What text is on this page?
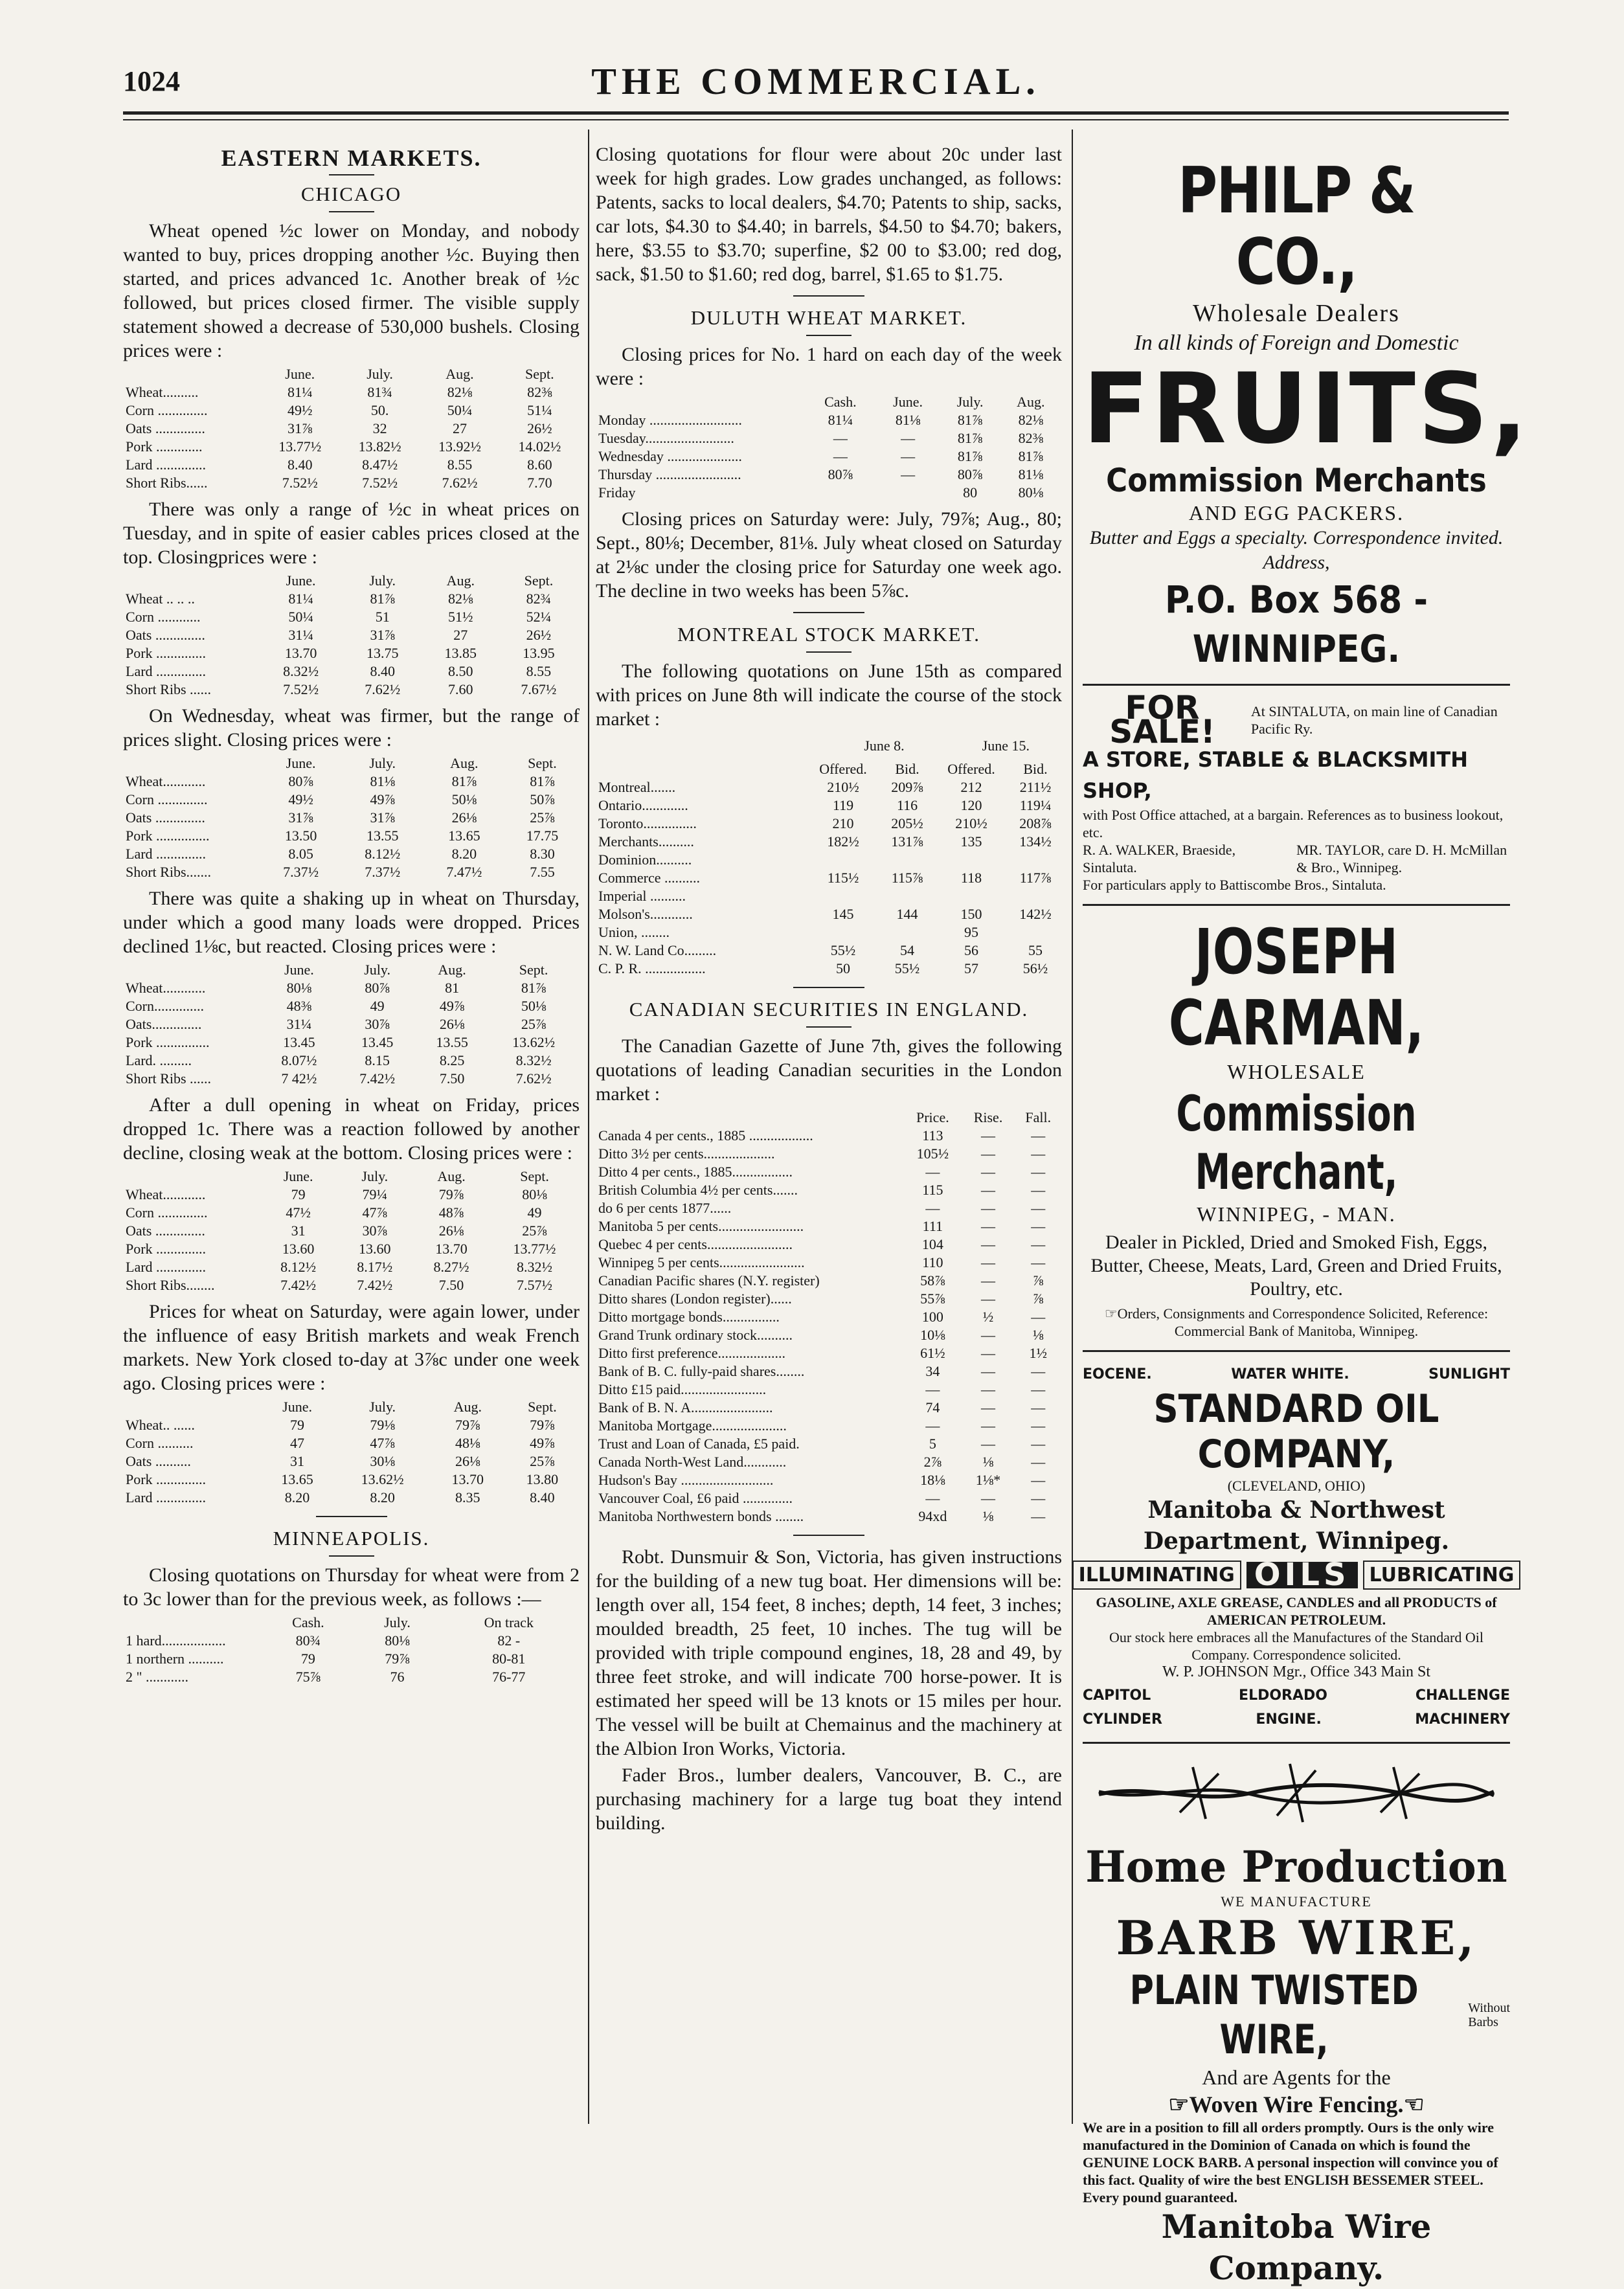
1024	THE COMMERCIAL.
EASTERN MARKETS.
CHICAGO

Wheat opened ½c lower on Monday, and nobody wanted to buy, prices dropping another ½c. Buying then started, and prices advanced 1c. Another break of ½c followed, but prices closed firmer. The visible supply statement showed a decrease of 530,000 bushels. Closing prices were :

	June.	July.	Aug.	Sept.
Wheat..........	81¼	81¾	82⅛	82⅜
Corn ..............	49½	50.	50¼	51¼
Oats ..............	31⅞	32	27	26½
Pork .............	13.77½	13.82½	13.92½	14.02½
Lard ..............	8.40	8.47½	8.55	8.60
Short Ribs......	7.52½	7.52½	7.62½	7.70

There was only a range of ½c in wheat prices on Tuesday, and in spite of easier cables prices closed at the top. Closingprices were :

	June.	July.	Aug.	Sept.
Wheat .. .. ..	81¼	81⅞	82⅛	82¾
Corn ............	50¼	51	51½	52¼
Oats ..............	31¼	31⅞	27	26½
Pork ..............	13.70	13.75	13.85	13.95
Lard ..............	8.32½	8.40	8.50	8.55
Short Ribs ......	7.52½	7.62½	7.60	7.67½

On Wednesday, wheat was firmer, but the range of prices slight. Closing prices were :

	June.	July.	Aug.	Sept.
Wheat............	80⅞	81⅛	81⅞	81⅞
Corn ..............	49½	49⅞	50⅛	50⅞
Oats ..............	31⅞	31⅞	26⅛	25⅞
Pork ...............	13.50	13.55	13.65	17.75
Lard ..............	8.05	8.12½	8.20	8.30
Short Ribs.......	7.37½	7.37½	7.47½	7.55

There was quite a shaking up in wheat on Thursday, under which a good many loads were dropped. Prices declined 1⅛c, but reacted. Closing prices were :

	June.	July.	Aug.	Sept.
Wheat............	80⅛	80⅞	81	81⅞
Corn..............	48⅜	49	49⅞	50⅛
Oats..............	31¼	30⅞	26⅛	25⅞
Pork ...............	13.45	13.45	13.55	13.62½
Lard. .........	8.07½	8.15	8.25	8.32½
Short Ribs ......	7 42½	7.42½	7.50	7.62½

After a dull opening in wheat on Friday, prices dropped 1c. There was a reaction followed by another decline, closing weak at the bottom. Closing prices were :

	June.	July.	Aug.	Sept.
Wheat............	79	79¼	79⅞	80⅛
Corn ..............	47½	47⅞	48⅞	49
Oats ..............	31	30⅞	26⅛	25⅞
Pork ..............	13.60	13.60	13.70	13.77½
Lard ..............	8.12½	8.17½	8.27½	8.32½
Short Ribs........	7.42½	7.42½	7.50	7.57½

Prices for wheat on Saturday, were again lower, under the influence of easy British markets and weak French markets. New York closed to-day at 3⅞c under one week ago. Closing prices were :

	June.	July.	Aug.	Sept.
Wheat.. ......	79	79⅛	79⅞	79⅞
Corn ..........	47	47⅞	48⅛	49⅞
Oats ..........	31	30⅛	26⅛	25⅞
Pork ..............	13.65	13.62½	13.70	13.80
Lard ..............	8.20	8.20	8.35	8.40
MINNEAPOLIS.

Closing quotations on Thursday for wheat were from 2 to 3c lower than for the previous week, as follows :—

	Cash.	July.	On track
1 hard..................	80¾	80⅛	82 -
1 northern ..........	79	79⅞	80-81
2 " ............	75⅞	76	76-77

Closing quotations for flour were about 20c under last week for high grades. Low grades unchanged, as follows: Patents, sacks to local dealers, $4.70; Patents to ship, sacks, car lots, $4.30 to $4.40; in barrels, $4.50 to $4.70; bakers, here, $3.55 to $3.70; superfine, $2 00 to $3.00; red dog, sack, $1.50 to $1.60; red dog, barrel, $1.65 to $1.75.

DULUTH WHEAT MARKET.

Closing prices for No. 1 hard on each day of the week were :

	Cash.	June.	July.	Aug.
Monday ..........................	81¼	81⅛	81⅞	82⅛
Tuesday.........................	—	—	81⅞	82⅜
Wednesday .....................	—	—	81⅞	81⅞
Thursday ........................	80⅞	—	80⅞	81⅛
Friday			80	80⅛

Closing prices on Saturday were: July, 79⅞; Aug., 80; Sept., 80⅛; December, 81⅛. July wheat closed on Saturday at 2⅛c under the closing price for Saturday one week ago. The decline in two weeks has been 5⅞c.

MONTREAL STOCK MARKET.

The following quotations on June 15th as compared with prices on June 8th will indicate the course of the stock market :

June 8.	June 15.
	Offered.	Bid.	Offered.	Bid.
Montreal.......	210½	209⅞	212	211½
Ontario.............	119	116	120	119¼
Toronto...............	210	205½	210½	208⅞
Merchants..........	182½	131⅞	135	134½
Dominion..........				
Commerce ..........	115½	115⅞	118	117⅞
Imperial ..........				
Molson's............	145	144	150	142½
Union, ........			95	
N. W. Land Co.........	55½	54	56	55
C. P. R. .................	50	55½	57	56½
CANADIAN SECURITIES IN ENGLAND.

The Canadian Gazette of June 7th, gives the following quotations of leading Canadian securities in the London market :

	Price.	Rise.	Fall.
Canada 4 per cents., 1885 ..................	113	—	—
Ditto 3½ per cents....................	105½	—	—
Ditto 4 per cents., 1885.................	—	—	—
British Columbia 4½ per cents.......	115	—	—
do 6 per cents 1877......	—	—	—
Manitoba 5 per cents........................	111	—	—
Quebec 4 per cents........................	104	—	—
Winnipeg 5 per cents........................	110	—	—
Canadian Pacific shares (N.Y. register)	58⅞	—	⅞
Ditto shares (London register)......	55⅞	—	⅞
Ditto mortgage bonds................	100	½	—
Grand Trunk ordinary stock..........	10⅛	—	⅛
Ditto first preference...................	61½	—	1½
Bank of B. C. fully-paid shares........	34	—	—
Ditto £15 paid........................	—	—	—
Bank of B. N. A.......................	74	—	—
Manitoba Mortgage.....................	—	—	—
Trust and Loan of Canada, £5 paid.	5	—	—
Canada North-West Land............	2⅞	⅛	—
Hudson's Bay ..........................	18⅛	1⅛*	—
Vancouver Coal, £6 paid ..............	—	—	—
Manitoba Northwestern bonds ........	94xd	⅛	—

Robt. Dunsmuir & Son, Victoria, has given instructions for the building of a new tug boat. Her dimensions will be: length over all, 154 feet, 8 inches; depth, 14 feet, 3 inches; moulded breadth, 25 feet, 10 inches. The tug will be provided with triple compound engines, 18, 28 and 49, by three feet stroke, and will indicate 700 horse-power. It is estimated her speed will be 13 knots or 15 miles per hour. The vessel will be built at Chemainus and the machinery at the Albion Iron Works, Victoria.

Fader Bros., lumber dealers, Vancouver, B. C., are purchasing machinery for a large tug boat they intend building.

PHILP & CO.,
Wholesale Dealers
In all kinds of Foreign and Domestic
FRUITS,
Commission Merchants
AND EGG PACKERS.
Butter and Eggs a specialty. Correspondence invited. Address,
P.O. Box 568 - WINNIPEG.
FOR SALE!
At SINTALUTA, on main line of Canadian Pacific Ry.
A STORE, STABLE & BLACKSMITH SHOP,
with Post Office attached, at a bargain. References as to business lookout, etc.
R. A. WALKER, Braeside, Sintaluta.
MR. TAYLOR, care D. H. McMillan & Bro., Winnipeg.
For particulars apply to Battiscombe Bros., Sintaluta.
JOSEPH CARMAN,
WHOLESALE
Commission Merchant,
WINNIPEG, - MAN.
Dealer in Pickled, Dried and Smoked Fish, Eggs, Butter, Cheese, Meats, Lard, Green and Dried Fruits, Poultry, etc.
☞Orders, Consignments and Correspondence Solicited, Reference: Commercial Bank of Manitoba, Winnipeg.
EOCENE.	WATER WHITE.	SUNLIGHT
STANDARD OIL COMPANY,
(CLEVELAND, OHIO)
Manitoba & Northwest Department, Winnipeg.
ILLUMINATING OILS	LUBRICATING
GASOLINE, AXLE GREASE, CANDLES and all PRODUCTS of AMERICAN PETROLEUM.
Our stock here embraces all the Manufactures of the Standard Oil Company. Correspondence solicited.
W. P. JOHNSON Mgr., Office 343 Main St
CAPITOL	ELDORADO	CHALLENGE
CYLINDER	ENGINE.	MACHINERY
Home Production
WE MANUFACTURE
BARB WIRE,
PLAIN TWISTED WIRE,
Without Barbs
And are Agents for the
☞Woven Wire Fencing.☜
We are in a position to fill all orders promptly. Ours is the only wire manufactured in the Dominion of Canada on which is found the GENUINE LOCK BARB. A personal inspection will convince you of this fact. Quality of wire the best ENGLISH BESSEMER STEEL. Every pound guaranteed.
Manitoba Wire Company.
